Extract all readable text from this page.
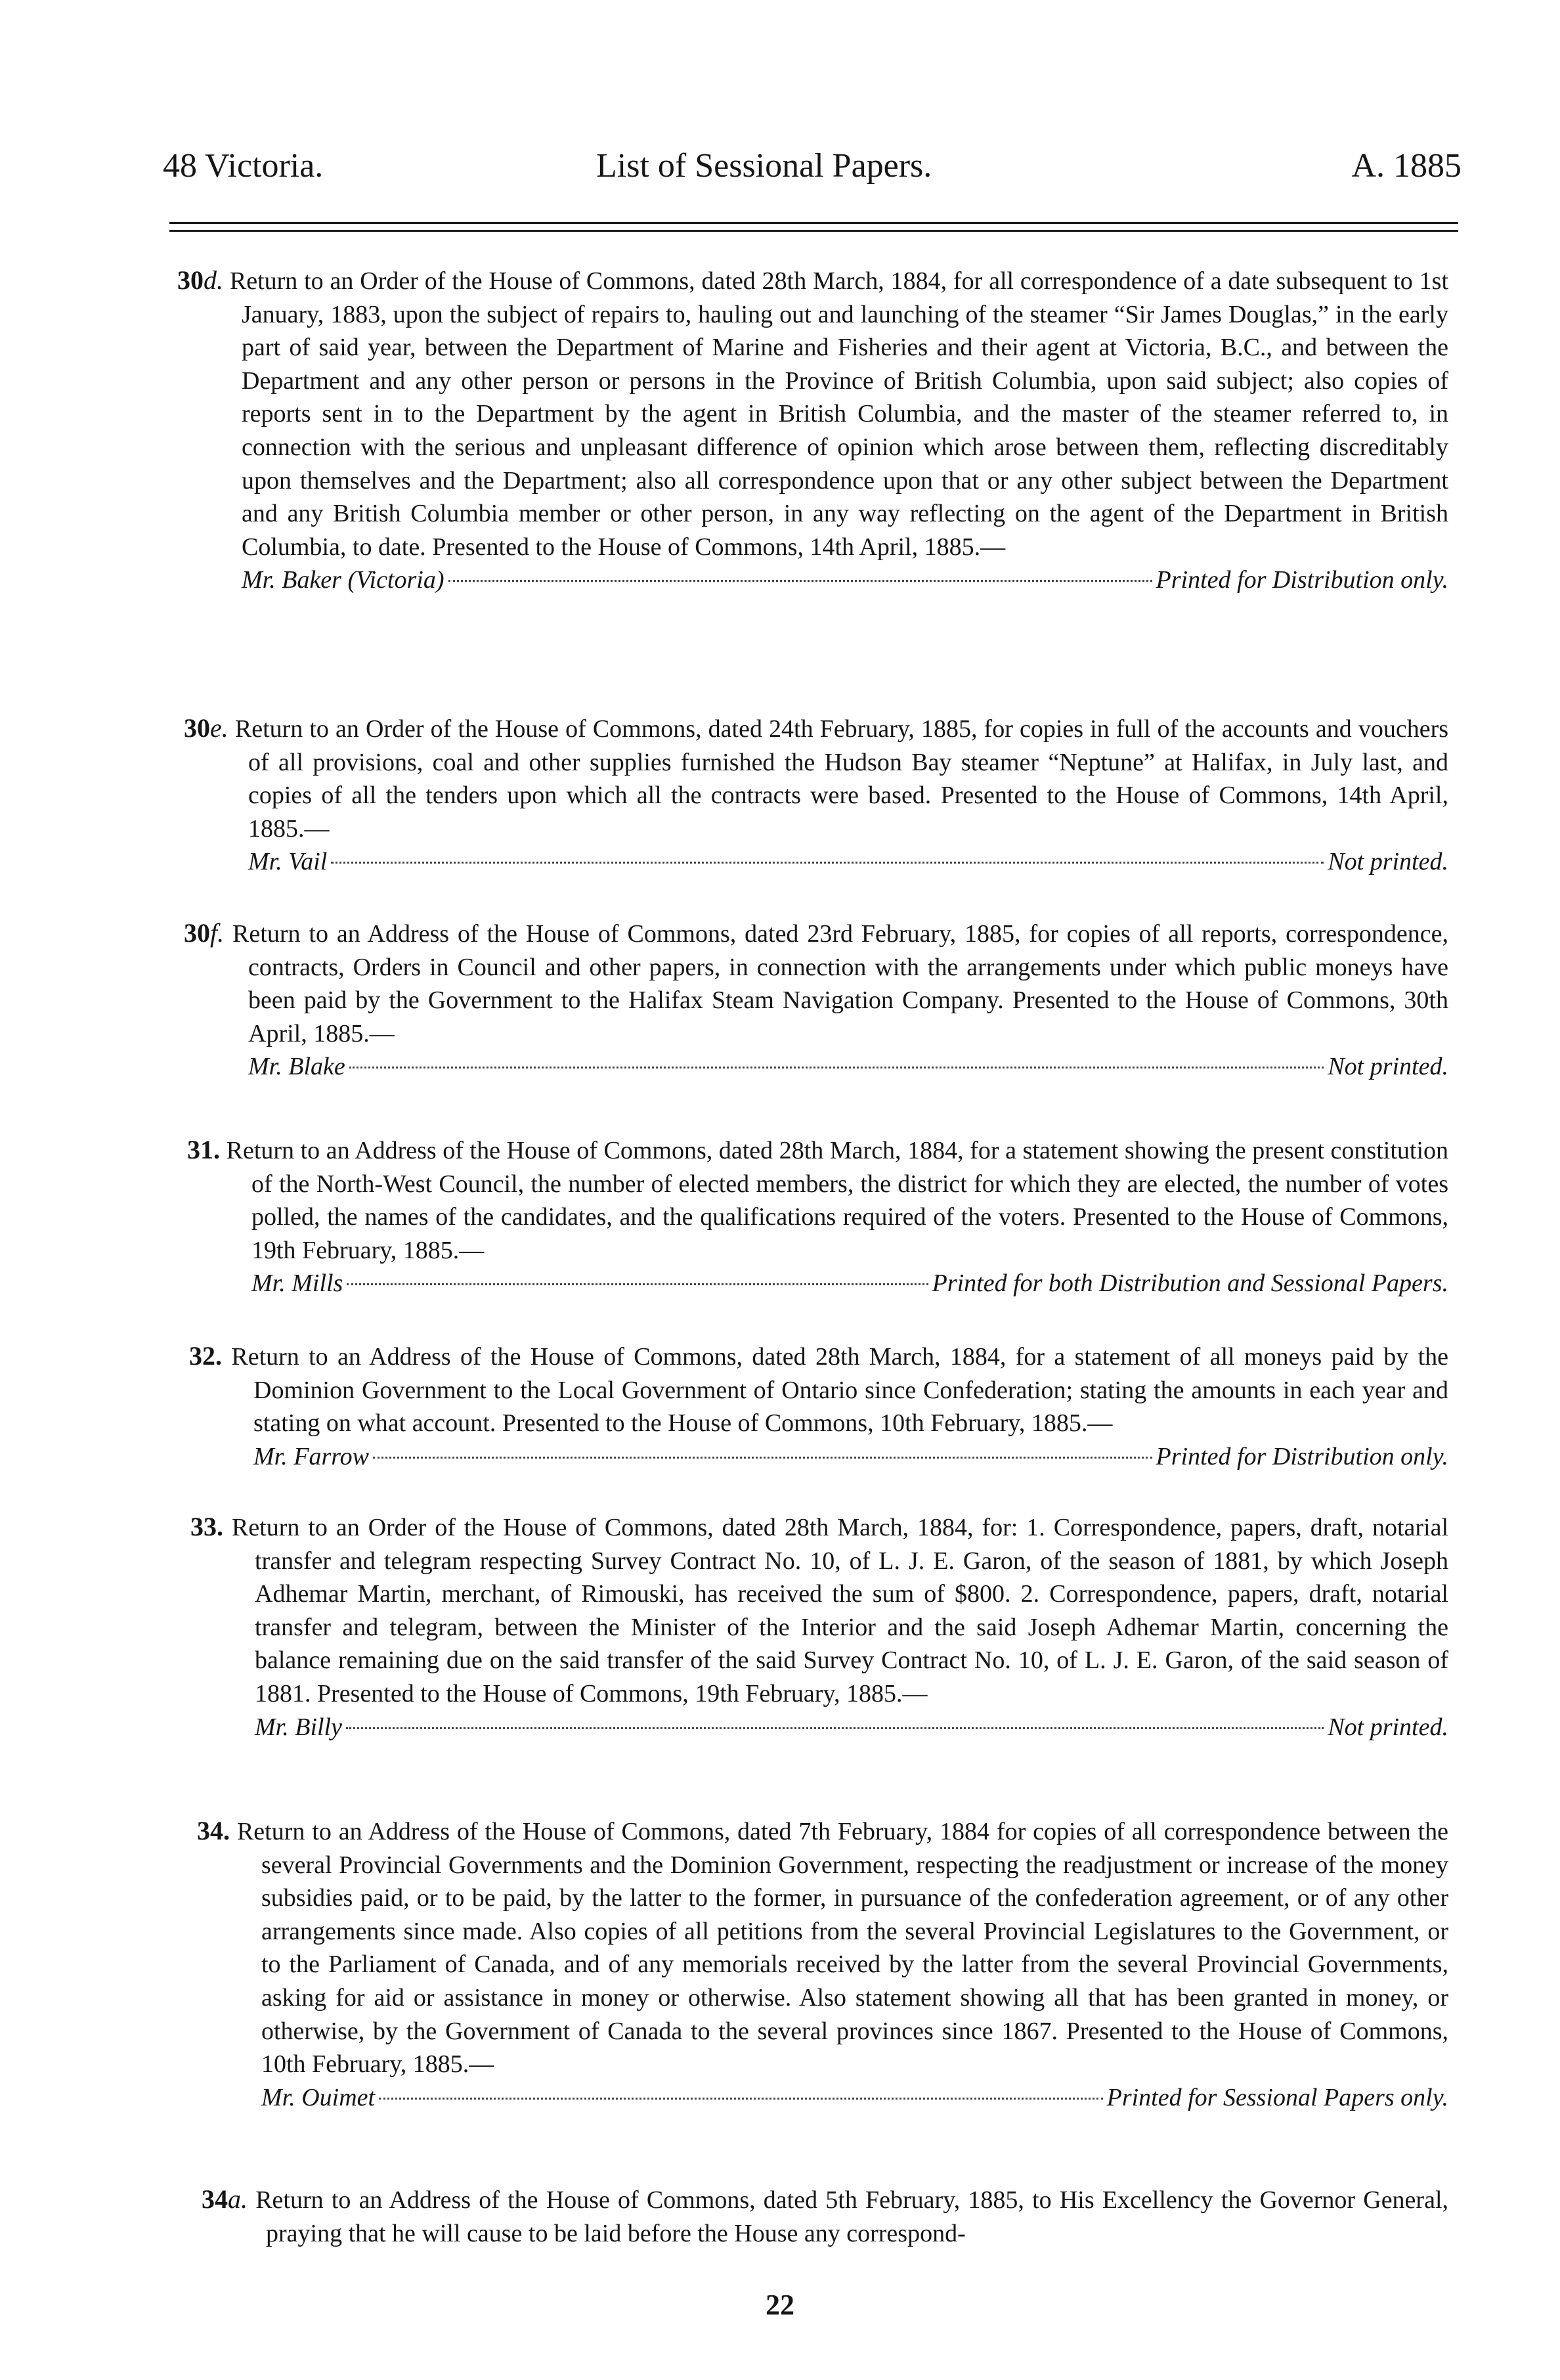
48 Victoria.	List of Sessional Papers.	A. 1885

30d. Return to an Order of the House of Commons, dated 28th March, 1884, for all correspondence of a date subsequent to 1st January, 1883, upon the subject of repairs to, hauling out and launching of the steamer “Sir James Douglas,” in the early part of said year, between the Department of Marine and Fisheries and their agent at Victoria, B.C., and between the Department and any other person or persons in the Province of British Columbia, upon said subject; also copies of reports sent in to the Department by the agent in British Columbia, and the master of the steamer referred to, in connection with the serious and unpleasant difference of opinion which arose between them, reflecting discreditably upon themselves and the Department; also all correspondence upon that or any other subject between the Department and any British Columbia member or other person, in any way reflecting on the agent of the Department in British Columbia, to date. Presented to the House of Commons, 14th April, 1885.—

Mr. Baker (Victoria)	Printed for Distribution only.

30e. Return to an Order of the House of Commons, dated 24th February, 1885, for copies in full of the accounts and vouchers of all provisions, coal and other supplies furnished the Hudson Bay steamer “Neptune” at Halifax, in July last, and copies of all the tenders upon which all the contracts were based. Presented to the House of Commons, 14th April, 1885.—

Mr. Vail	Not printed.

30f. Return to an Address of the House of Commons, dated 23rd February, 1885, for copies of all reports, correspondence, contracts, Orders in Council and other papers, in connection with the arrangements under which public moneys have been paid by the Government to the Halifax Steam Navigation Company. Presented to the House of Commons, 30th April, 1885.—

Mr. Blake	Not printed.

31. Return to an Address of the House of Commons, dated 28th March, 1884, for a statement showing the present constitution of the North-West Council, the number of elected members, the district for which they are elected, the number of votes polled, the names of the candidates, and the qualifications required of the voters. Presented to the House of Commons, 19th February, 1885.—

Mr. Mills	Printed for both Distribution and Sessional Papers.

32. Return to an Address of the House of Commons, dated 28th March, 1884, for a statement of all moneys paid by the Dominion Government to the Local Government of Ontario since Confederation; stating the amounts in each year and stating on what account. Presented to the House of Commons, 10th February, 1885.—

Mr. Farrow	Printed for Distribution only.

33. Return to an Order of the House of Commons, dated 28th March, 1884, for: 1. Correspondence, papers, draft, notarial transfer and telegram respecting Survey Contract No. 10, of L. J. E. Garon, of the season of 1881, by which Joseph Adhemar Martin, merchant, of Rimouski, has received the sum of $800. 2. Correspondence, papers, draft, notarial transfer and telegram, between the Minister of the Interior and the said Joseph Adhemar Martin, concerning the balance remaining due on the said transfer of the said Survey Contract No. 10, of L. J. E. Garon, of the said season of 1881. Presented to the House of Commons, 19th February, 1885.—

Mr. Billy	Not printed.

34. Return to an Address of the House of Commons, dated 7th February, 1884 for copies of all correspondence between the several Provincial Governments and the Dominion Government, respecting the readjustment or increase of the money subsidies paid, or to be paid, by the latter to the former, in pursuance of the confederation agreement, or of any other arrangements since made. Also copies of all petitions from the several Provincial Legislatures to the Government, or to the Parliament of Canada, and of any memorials received by the latter from the several Provincial Governments, asking for aid or assistance in money or otherwise. Also statement showing all that has been granted in money, or otherwise, by the Government of Canada to the several provinces since 1867. Presented to the House of Commons, 10th February, 1885.—

Mr. Ouimet	Printed for Sessional Papers only.

34a. Return to an Address of the House of Commons, dated 5th February, 1885, to His Excellency the Governor General, praying that he will cause to be laid before the House any correspond-

22
